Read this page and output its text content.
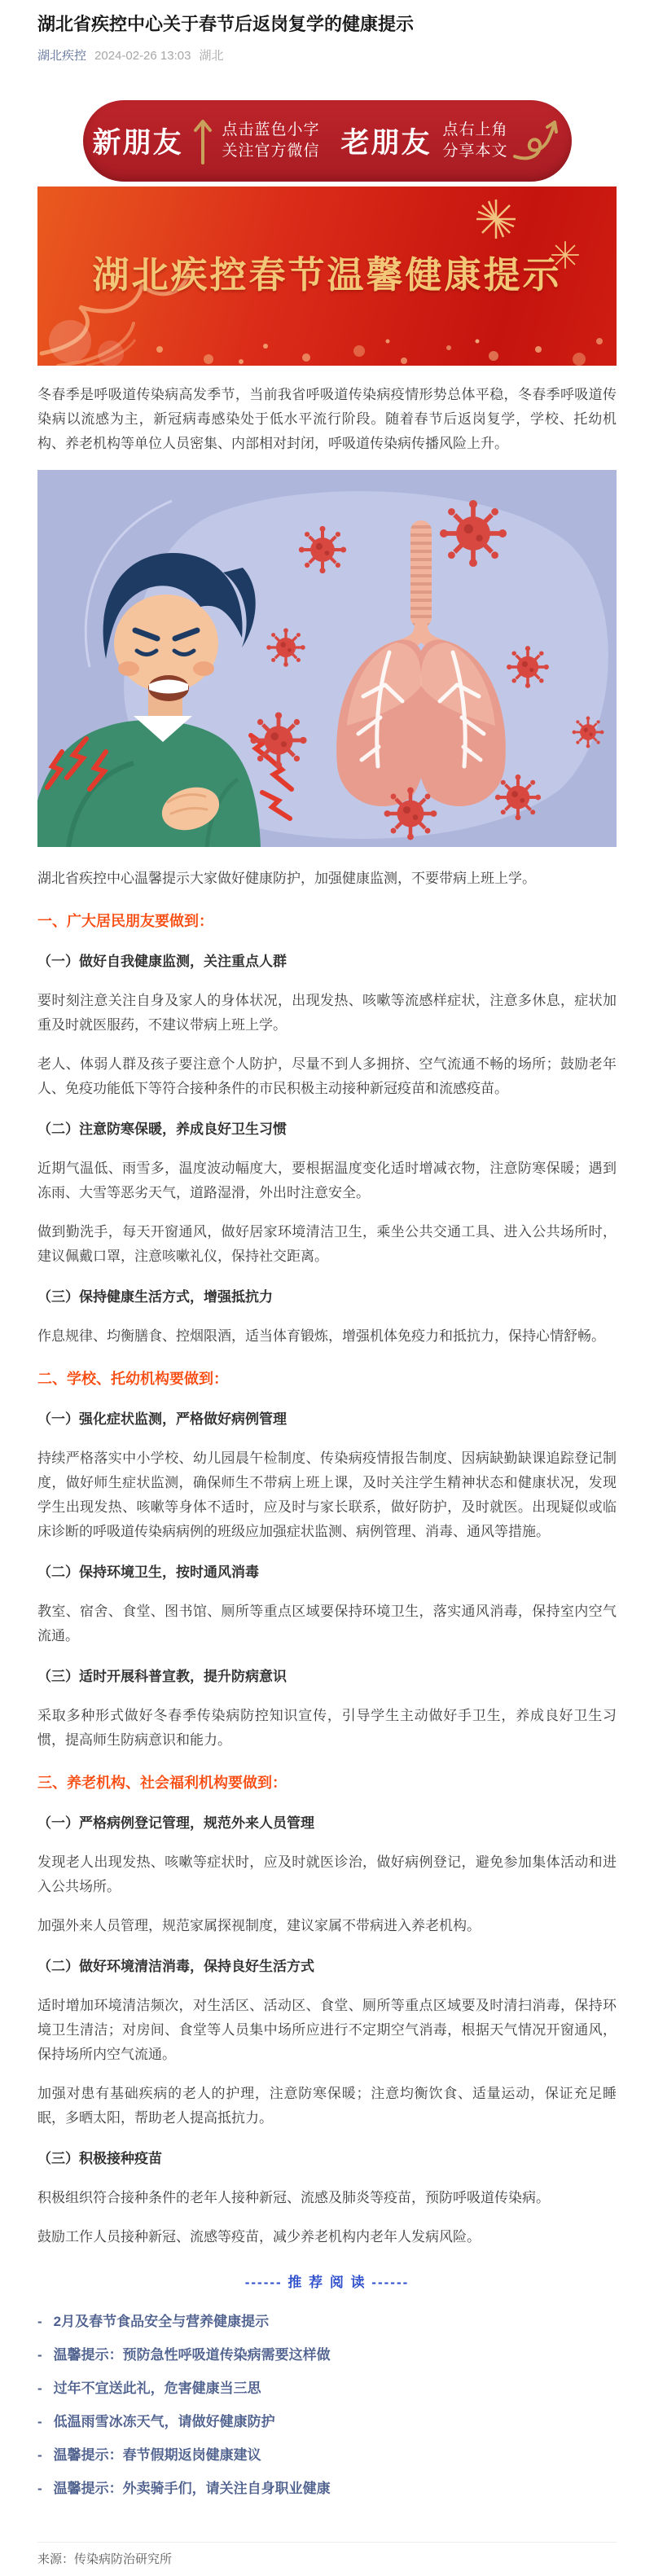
湖北省疾控中心关于春节后返岗复学的健康提示
湖北疾控 2024-02-26 13:03 湖北
新朋友	点击蓝色小字
关注官方微信 老朋友 点右上角
分享本文
湖北疾控春节温馨健康提示

冬春季是呼吸道传染病高发季节，当前我省呼吸道传染病疫情形势总体平稳，冬春季呼吸道传染病以流感为主，新冠病毒感染处于低水平流行阶段。随着春节后返岗复学，学校、托幼机构、养老机构等单位人员密集、内部相对封闭，呼吸道传染病传播风险上升。

湖北省疾控中心温馨提示大家做好健康防护，加强健康监测，不要带病上班上学。

一、广大居民朋友要做到：
（一）做好自我健康监测，关注重点人群

要时刻注意关注自身及家人的身体状况，出现发热、咳嗽等流感样症状，注意多休息，症状加重及时就医服药，不建议带病上班上学。

老人、体弱人群及孩子要注意个人防护，尽量不到人多拥挤、空气流通不畅的场所；鼓励老年人、免疫功能低下等符合接种条件的市民积极主动接种新冠疫苗和流感疫苗。

（二）注意防寒保暖，养成良好卫生习惯

近期气温低、雨雪多，温度波动幅度大，要根据温度变化适时增减衣物，注意防寒保暖；遇到冻雨、大雪等恶劣天气，道路湿滑，外出时注意安全。

做到勤洗手，每天开窗通风，做好居家环境清洁卫生，乘坐公共交通工具、进入公共场所时，建议佩戴口罩，注意咳嗽礼仪，保持社交距离。

（三）保持健康生活方式，增强抵抗力

作息规律、均衡膳食、控烟限酒，适当体育锻炼，增强机体免疫力和抵抗力，保持心情舒畅。

二、学校、托幼机构要做到：
（一）强化症状监测，严格做好病例管理

持续严格落实中小学校、幼儿园晨午检制度、传染病疫情报告制度、因病缺勤缺课追踪登记制度，做好师生症状监测，确保师生不带病上班上课，及时关注学生精神状态和健康状况，发现学生出现发热、咳嗽等身体不适时，应及时与家长联系，做好防护，及时就医。出现疑似或临床诊断的呼吸道传染病病例的班级应加强症状监测、病例管理、消毒、通风等措施。

（二）保持环境卫生，按时通风消毒

教室、宿舍、食堂、图书馆、厕所等重点区域要保持环境卫生，落实通风消毒，保持室内空气流通。

（三）适时开展科普宣教，提升防病意识

采取多种形式做好冬春季传染病防控知识宣传，引导学生主动做好手卫生，养成良好卫生习惯，提高师生防病意识和能力。

三、养老机构、社会福利机构要做到：
（一）严格病例登记管理，规范外来人员管理

发现老人出现发热、咳嗽等症状时，应及时就医诊治，做好病例登记，避免参加集体活动和进入公共场所。

加强外来人员管理，规范家属探视制度，建议家属不带病进入养老机构。

（二）做好环境清洁消毒，保持良好生活方式

适时增加环境清洁频次，对生活区、活动区、食堂、厕所等重点区域要及时清扫消毒，保持环境卫生清洁；对房间、食堂等人员集中场所应进行不定期空气消毒，根据天气情况开窗通风，保持场所内空气流通。

加强对患有基础疾病的老人的护理，注意防寒保暖；注意均衡饮食、适量运动，保证充足睡眠，多晒太阳，帮助老人提高抵抗力。

（三）积极接种疫苗

积极组织符合接种条件的老年人接种新冠、流感及肺炎等疫苗，预防呼吸道传染病。

鼓励工作人员接种新冠、流感等疫苗，减少养老机构内老年人发病风险。

------ 推 荐 阅 读 ------
- 2月及春节食品安全与营养健康提示
- 温馨提示：预防急性呼吸道传染病需要这样做
- 过年不宜送此礼，危害健康当三思
- 低温雨雪冰冻天气，请做好健康防护
- 温馨提示：春节假期返岗健康建议
- 温馨提示：外卖骑手们，请关注自身职业健康
来源：传染病防治研究所
